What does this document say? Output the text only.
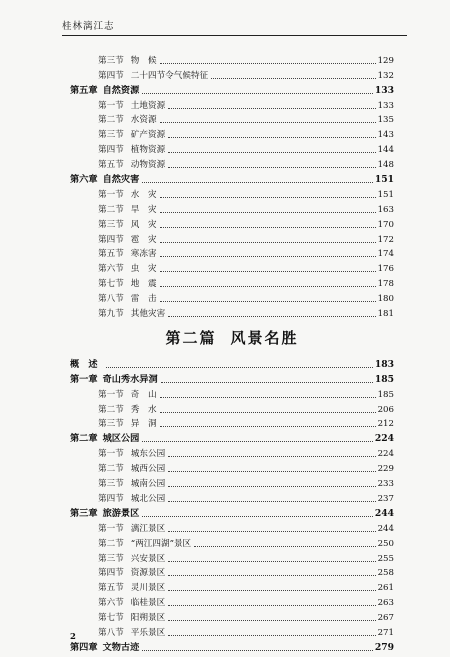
桂林漓江志
第三节 物　候	129
第四节 二十四节令气候特征	132
第五章 自然资源	133
第一节 土地资源	133
第二节 水资源	135
第三节 矿产资源	143
第四节 植物资源	144
第五节 动物资源	148
第六章 自然灾害	151
第一节 水　灾	151
第二节 旱　灾	163
第三节 风　灾	170
第四节 雹　灾	172
第五节 寒冻害	174
第六节 虫　灾	176
第七节 地　震	178
第八节 雷　击	180
第九节 其他灾害	181
第二篇 风景名胜
概　述	183
第一章 奇山秀水异洞	185
第一节 奇　山	185
第二节 秀　水	206
第三节 异　洞	212
第二章 城区公园	224
第一节 城东公园	224
第二节 城西公园	229
第三节 城南公园	233
第四节 城北公园	237
第三章 旅游景区	244
第一节 漓江景区	244
第二节 “两江四湖”景区	250
第三节 兴安景区	255
第四节 资源景区	258
第五节 灵川景区	261
第六节 临桂景区	263
第七节 阳朔景区	267
第八节 平乐景区	271
第四章 文物古迹	279
2
